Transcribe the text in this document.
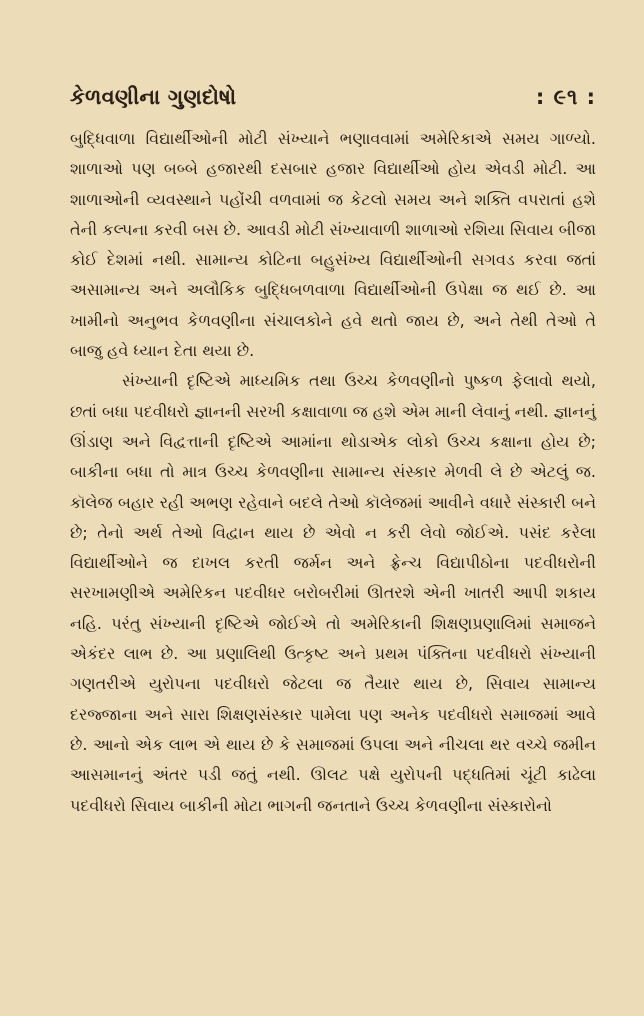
કેળવણીના ગુણદોષો	: ૯૧ :

બુદ્ધિવાળા વિદ્યાર્થીઓની મોટી સંખ્યાને ભણાવવામાં અમેરિકાએ સમય ગાળ્યો. શાળાઓ પણ બબ્બે હજારથી દસબાર હજાર વિદ્યાર્થીઓ હોય એવડી મોટી. આ શાળાઓની વ્યવસ્થાને પહોંચી વળવામાં જ કેટલો સમય અને શક્તિ વપરાતાં હશે તેની કલ્પના કરવી બસ છે. આવડી મોટી સંખ્યાવાળી શાળાઓ રશિયા સિવાય બીજા કોઈ દેશમાં નથી. સામાન્ય કોટિના બહુસંખ્ય વિદ્યાર્થીઓની સગવડ કરવા જતાં અસામાન્ય અને અલૌકિક બુદ્ધિબળવાળા વિદ્યાર્થીઓની ઉપેક્ષા જ થઈ છે. આ ખામીનો અનુભવ કેળવણીના સંચાલકોને હવે થતો જાય છે, અને તેથી તેઓ તે બાજુ હવે ધ્યાન દેતા થયા છે.

સંખ્યાની દૃષ્ટિએ માધ્યમિક તથા ઉચ્ચ કેળવણીનો પુષ્કળ ફેલાવો થયો, છતાં બધા પદવીધરો જ્ઞાનની સરખી કક્ષાવાળા જ હશે એમ માની લેવાનું નથી. જ્ઞાનનું ઊંડાણ અને વિદ્વત્તાની દૃષ્ટિએ આમાંના થોડાએક લોકો ઉચ્ચ કક્ષાના હોય છે; બાકીના બધા તો માત્ર ઉચ્ચ કેળવણીના સામાન્ય સંસ્કાર મેળવી લે છે એટલું જ. કૉલેજ બહાર રહી અભણ રહેવાને બદલે તેઓ કૉલેજમાં આવીને વધારે સંસ્કારી બને છે; તેનો અર્થ તેઓ વિદ્વાન થાય છે એવો ન કરી લેવો જોઈએ. પસંદ કરેલા વિદ્યાર્થીઓને જ દાખલ કરતી જર્મન અને ફ્રેન્ચ વિદ્યાપીઠોના પદવીધરોની સરખામણીએ અમેરિકન પદવીધર બરોબરીમાં ઊતરશે એની ખાતરી આપી શકાય નહિ. પરંતુ સંખ્યાની દૃષ્ટિએ જોઈએ તો અમેરિકાની શિક્ષણપ્રણાલિમાં સમાજને એકંદર લાભ છે. આ પ્રણાલિથી ઉત્કૃષ્ટ અને પ્રથમ પંક્તિના પદવીધરો સંખ્યાની ગણતરીએ યુરોપના પદવીધરો જેટલા જ તૈયાર થાય છે, સિવાય સામાન્ય દરજ્જાના અને સારા શિક્ષણસંસ્કાર પામેલા પણ અનેક પદવીધરો સમાજમાં આવે છે. આનો એક લાભ એ થાય છે કે સમાજમાં ઉપલા અને નીચલા થર વચ્ચે જમીન આસમાનનું અંતર પડી જતું નથી. ઊલટ પક્ષે યુરોપની પદ્ધતિમાં ચૂંટી કાઢેલા પદવીધરો સિવાય બાકીની મોટા ભાગની જનતાને ઉચ્ચ કેળવણીના સંસ્કારોનો
